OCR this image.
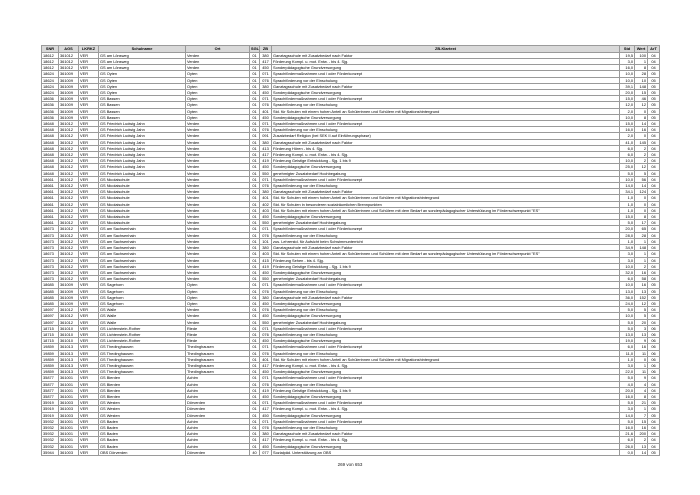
SNR	AGS	LKRKZ	Schulname	Ort	SGL	ZB	ZB-Klartext	Std	Wert	ArT
18612	361012	VER	GS am Lönsweg	Verden	01	380	Ganztagsschule mit Zusatzbedarf nach Faktor	19,5	100	04
18612	361012	VER	GS am Lönsweg	Verden	01	417	Förderung Kompl. u. mot. Entw. - bis 4. Sjg.	3,0	1	04
18612	361012	VER	GS am Lönsweg	Verden	01	450	Sonderpädagogische Grundversorgung	16,0	8	04
18624	361009	VER	GS Oyten	Oyten	01	071	Sprachfördermaßnahmen und / oder Förderkonzept	10,0	28	05
18624	361009	VER	GS Oyten	Oyten	01	076	Sprachförderung vor der Einschulung	10,0	10	05
18624	361009	VER	GS Oyten	Oyten	01	380	Ganztagsschule mit Zusatzbedarf nach Faktor	39,1	148	05
18624	361009	VER	GS Oyten	Oyten	01	450	Sonderpädagogische Grundversorgung	20,0	15	05
18636	361009	VER	GS Bassen	Oyten	01	071	Sprachfördermaßnahmen und / oder Förderkonzept	15,0	46	05
18636	361009	VER	GS Bassen	Oyten	01	076	Sprachförderung vor der Einschulung	12,0	12	05
18636	361009	VER	GS Bassen	Oyten	01	401	Std. für Schulen mit einem hohen Anteil an Schülerinnen und Schülern mit Migrationshintergrund	2,0	0	05
18636	361009	VER	GS Bassen	Oyten	01	450	Sonderpädagogische Grundversorgung	10,0	8	05
18648	361012	VER	GS Friedrich Ludwig Jahn	Verden	01	071	Sprachfördermaßnahmen und / oder Förderkonzept	15,0	14	04
18648	361012	VER	GS Friedrich Ludwig Jahn	Verden	01	076	Sprachförderung vor der Einschulung	16,0	16	04
18648	361012	VER	GS Friedrich Ludwig Jahn	Verden	01	091	Zusatzbedarf Religion (bei SEK II auf Einführungsphase)	2,0	0	04
18648	361012	VER	GS Friedrich Ludwig Jahn	Verden	01	380	Ganztagsschule mit Zusatzbedarf nach Faktor	41,0	145	04
18648	361012	VER	GS Friedrich Ludwig Jahn	Verden	01	413	Förderung Hören - bis 4. Sjg.	6,0	2	04
18648	361012	VER	GS Friedrich Ludwig Jahn	Verden	01	417	Förderung Kompl. u. mot. Entw. - bis 4. Sjg.	6,0	2	04
18648	361012	VER	GS Friedrich Ludwig Jahn	Verden	01	419	Förderung Geistige Entwicklung - Sjg. 1 bis 9	10,0	2	04
18648	361012	VER	GS Friedrich Ludwig Jahn	Verden	01	450	Sonderpädagogische Grundversorgung	25,0	12	04
18648	361012	VER	GS Friedrich Ludwig Jahn	Verden	01	550	genehmigter Zusatzbedarf Hochbegabung	5,0	5	04
18661	361012	VER	GS Nicolaischule	Verden	01	071	Sprachfördermaßnahmen und / oder Förderkonzept	10,0	56	04
18661	361012	VER	GS Nicolaischule	Verden	01	076	Sprachförderung vor der Einschulung	14,0	14	04
18661	361012	VER	GS Nicolaischule	Verden	01	380	Ganztagsschule mit Zusatzbedarf nach Faktor	34,1	124	04
18661	361012	VER	GS Nicolaischule	Verden	01	401	Std. für Schulen mit einem hohen Anteil an Schülerinnen und Schülern mit Migrationshintergrund	1,0	0	04
18661	361012	VER	GS Nicolaischule	Verden	01	402	Std. für Schulen in besonderen sozialräumlichen Brennpunkten	1,0	0	04
18661	361012	VER	GS Nicolaischule	Verden	01	403	Std. für Schulen mit einem hohen Anteil an Schülerinnen und Schülern mit dem Bedarf an sonderpädagogischer Unterstützung im Förderschwerpunkt "ES"	1,0	0	04
18661	361012	VER	GS Nicolaischule	Verden	01	450	Sonderpädagogische Grundversorgung	15,0	8	04
18661	361012	VER	GS Nicolaischule	Verden	01	550	genehmigter Zusatzbedarf Hochbegabung	5,0	17	04
18673	361012	VER	GS am Sachsenhain	Verden	01	071	Sprachfördermaßnahmen und / oder Förderkonzept	20,0	65	04
18673	361012	VER	GS am Sachsenhain	Verden	01	076	Sprachförderung vor der Einschulung	28,0	28	04
18673	361012	VER	GS am Sachsenhain	Verden	01	101	zus. Lehrerstd. für Aufsicht beim Schwimmunterricht	1,0	1	04
18673	361012	VER	GS am Sachsenhain	Verden	01	380	Ganztagsschule mit Zusatzbedarf nach Faktor	34,9	148	04
18673	361012	VER	GS am Sachsenhain	Verden	01	403	Std. für Schulen mit einem hohen Anteil an Schülerinnen und Schülern mit dem Bedarf an sonderpädagogischer Unterstützung im Förderschwerpunkt "ES"	3,0	1	04
18673	361012	VER	GS am Sachsenhain	Verden	01	415	Förderung Sehen - bis 4. Sjg.	3,0	1	04
18673	361012	VER	GS am Sachsenhain	Verden	01	419	Förderung Geistige Entwicklung - Sjg. 1 bis 9	10,0	2	04
18673	361012	VER	GS am Sachsenhain	Verden	01	450	Sonderpädagogische Grundversorgung	32,0	16	04
18673	361012	VER	GS am Sachsenhain	Verden	01	550	genehmigter Zusatzbedarf Hochbegabung	6,0	58	04
18685	361009	VER	GS Sagehorn	Oyten	01	071	Sprachfördermaßnahmen und / oder Förderkonzept	10,0	16	05
18685	361009	VER	GS Sagehorn	Oyten	01	076	Sprachförderung vor der Einschulung	13,0	13	05
18685	361009	VER	GS Sagehorn	Oyten	01	380	Ganztagsschule mit Zusatzbedarf nach Faktor	36,0	152	05
18685	361009	VER	GS Sagehorn	Oyten	01	450	Sonderpädagogische Grundversorgung	24,0	12	05
18697	361012	VER	GS Walle	Verden	01	076	Sprachförderung vor der Einschulung	5,0	5	04
18697	361012	VER	GS Walle	Verden	01	450	Sonderpädagogische Grundversorgung	10,0	5	04
18697	361012	VER	GS Walle	Verden	01	550	genehmigter Zusatzbedarf Hochbegabung	5,0	20	04
18715	361010	VER	GS Lichtenstein-Rother	Riede	01	071	Sprachfördermaßnahmen und / oder Förderkonzept	5,0	3	06
18715	361010	VER	GS Lichtenstein-Rother	Riede	01	076	Sprachförderung vor der Einschulung	13,0	13	06
18715	361010	VER	GS Lichtenstein-Rother	Riede	01	450	Sonderpädagogische Grundversorgung	19,0	9	06
19859	361013	VER	GS Thedinghausen	Thedinghausen	01	071	Sprachfördermaßnahmen und / oder Förderkonzept	6,0	16	06
19859	361013	VER	GS Thedinghausen	Thedinghausen	01	076	Sprachförderung vor der Einschulung	11,0	11	06
19859	361013	VER	GS Thedinghausen	Thedinghausen	01	401	Std. für Schulen mit einem hohen Anteil an Schülerinnen und Schülern mit Migrationshintergrund	1,0	0	06
19859	361013	VER	GS Thedinghausen	Thedinghausen	01	417	Förderung Kompl. u. mot. Entw. - bis 4. Sjg.	3,0	1	06
19859	361013	VER	GS Thedinghausen	Thedinghausen	01	450	Sonderpädagogische Grundversorgung	22,0	11	06
35877	361001	VER	GS Bierden	Achim	01	071	Sprachfördermaßnahmen und / oder Förderkonzept	5,0	9	04
35877	361001	VER	GS Bierden	Achim	01	076	Sprachförderung vor der Einschulung	4,0	4	04
35877	361001	VER	GS Bierden	Achim	01	419	Förderung Geistige Entwicklung - Sjg. 1 bis 9	20,0	4	04
35877	361001	VER	GS Bierden	Achim	01	450	Sonderpädagogische Grundversorgung	16,0	8	04
35919	361003	VER	GS Westen	Dörverden	01	071	Sprachfördermaßnahmen und / oder Förderkonzept	5,0	21	05
35919	361003	VER	GS Westen	Dörverden	01	417	Förderung Kompl. u. mot. Entw. - bis 4. Sjg.	3,0	1	05
35919	361003	VER	GS Westen	Dörverden	01	450	Sonderpädagogische Grundversorgung	14,0	7	05
35932	361001	VER	GS Baden	Achim	01	071	Sprachfördermaßnahmen und / oder Förderkonzept	5,0	15	04
35932	361001	VER	GS Baden	Achim	01	076	Sprachförderung vor der Einschulung	16,0	16	04
35932	361001	VER	GS Baden	Achim	01	380	Ganztagsschule mit Zusatzbedarf nach Faktor	21,6	200	04
35932	361001	VER	GS Baden	Achim	01	417	Förderung Kompl. u. mot. Entw. - bis 4. Sjg.	6,0	2	04
35932	361001	VER	GS Baden	Achim	01	450	Sonderpädagogische Grundversorgung	26,0	13	04
35944	361003	VER	OBS Dörverden	Dörverden	40	077	Sozialpäd. Unterstützung an OBS	0,0	14	05
269 von 653
